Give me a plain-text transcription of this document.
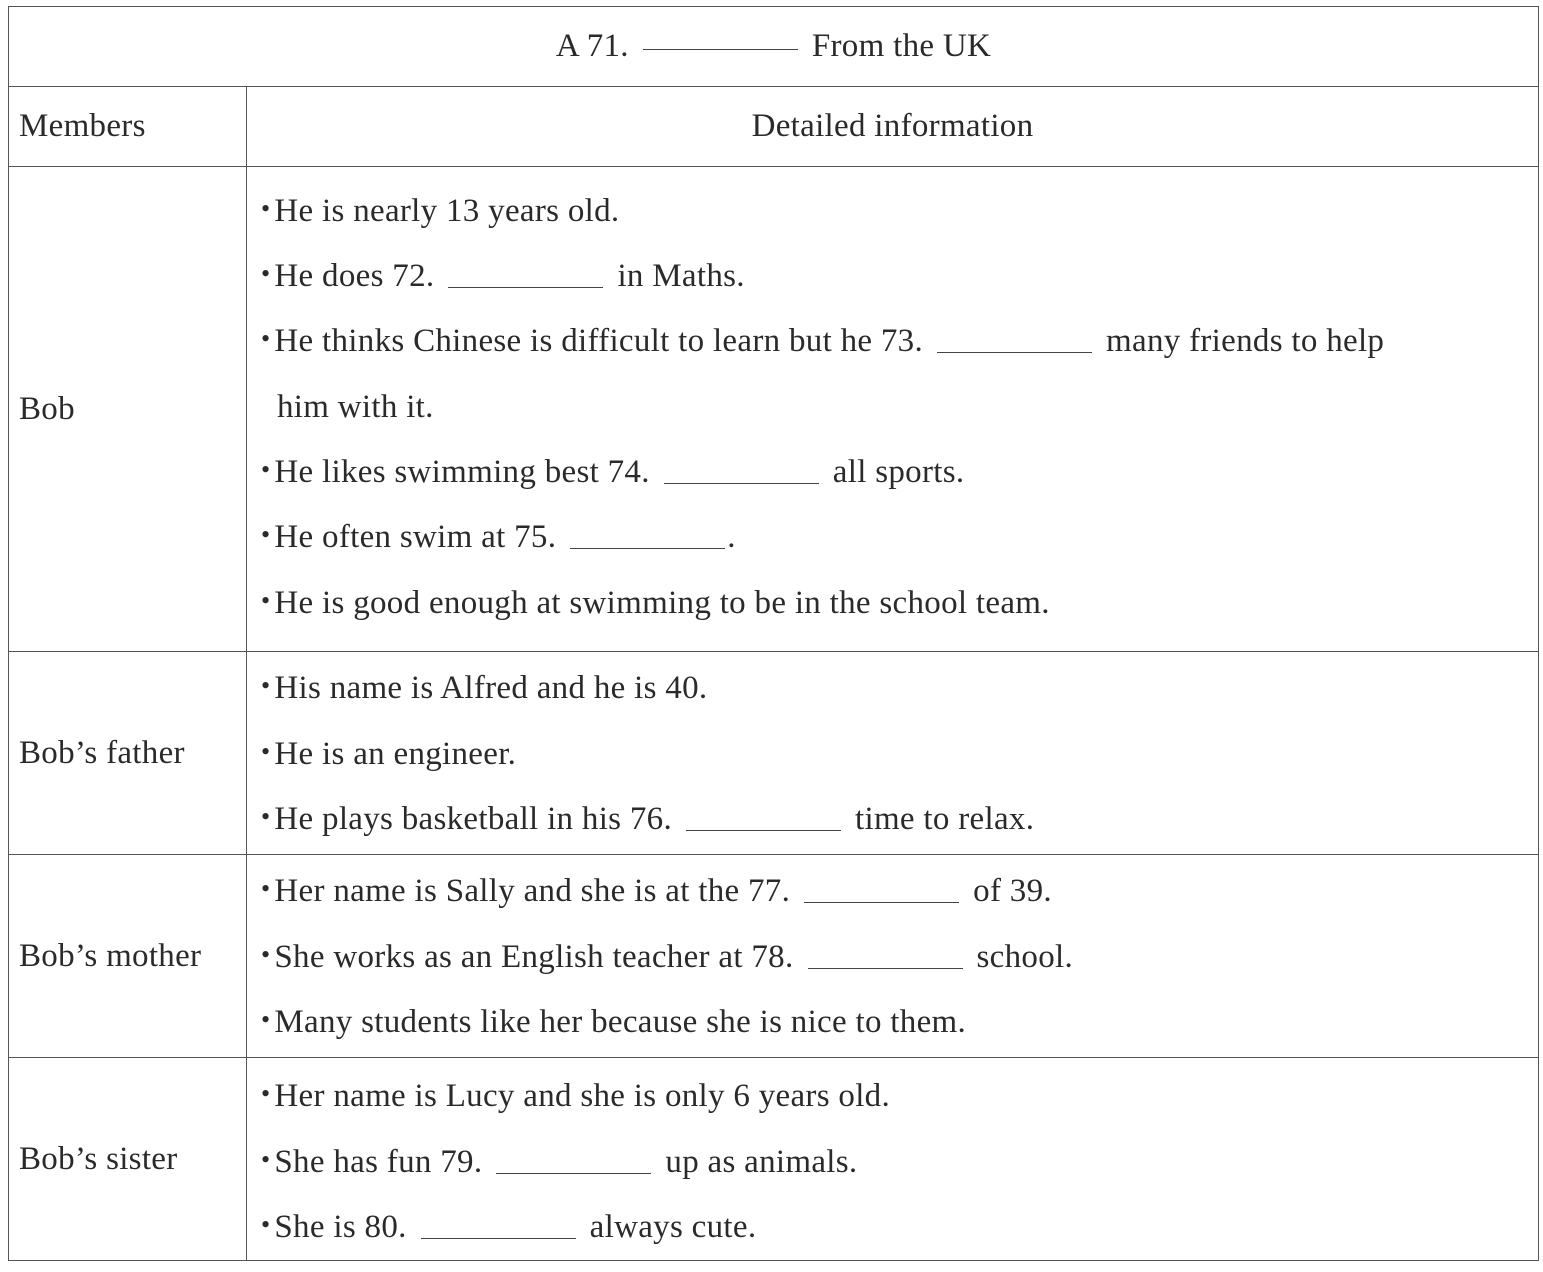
A 71.	From the UK
Members	Detailed information
Bob
• He is nearly 13 years old.
• He does 72.	in Maths.
• He thinks Chinese is difficult to learn but he 73.	many friends to help
him with it.
• He likes swimming best 74.	all sports.
• He often swim at 75.	.
• He is good enough at swimming to be in the school team.
Bob’s father
• His name is Alfred and he is 40.
• He is an engineer.
• He plays basketball in his 76.	time to relax.
Bob’s mother
• Her name is Sally and she is at the 77.	of 39.
• She works as an English teacher at 78.	school.
• Many students like her because she is nice to them.
Bob’s sister
• Her name is Lucy and she is only 6 years old.
• She has fun 79.	up as animals.
• She is 80.	always cute.
